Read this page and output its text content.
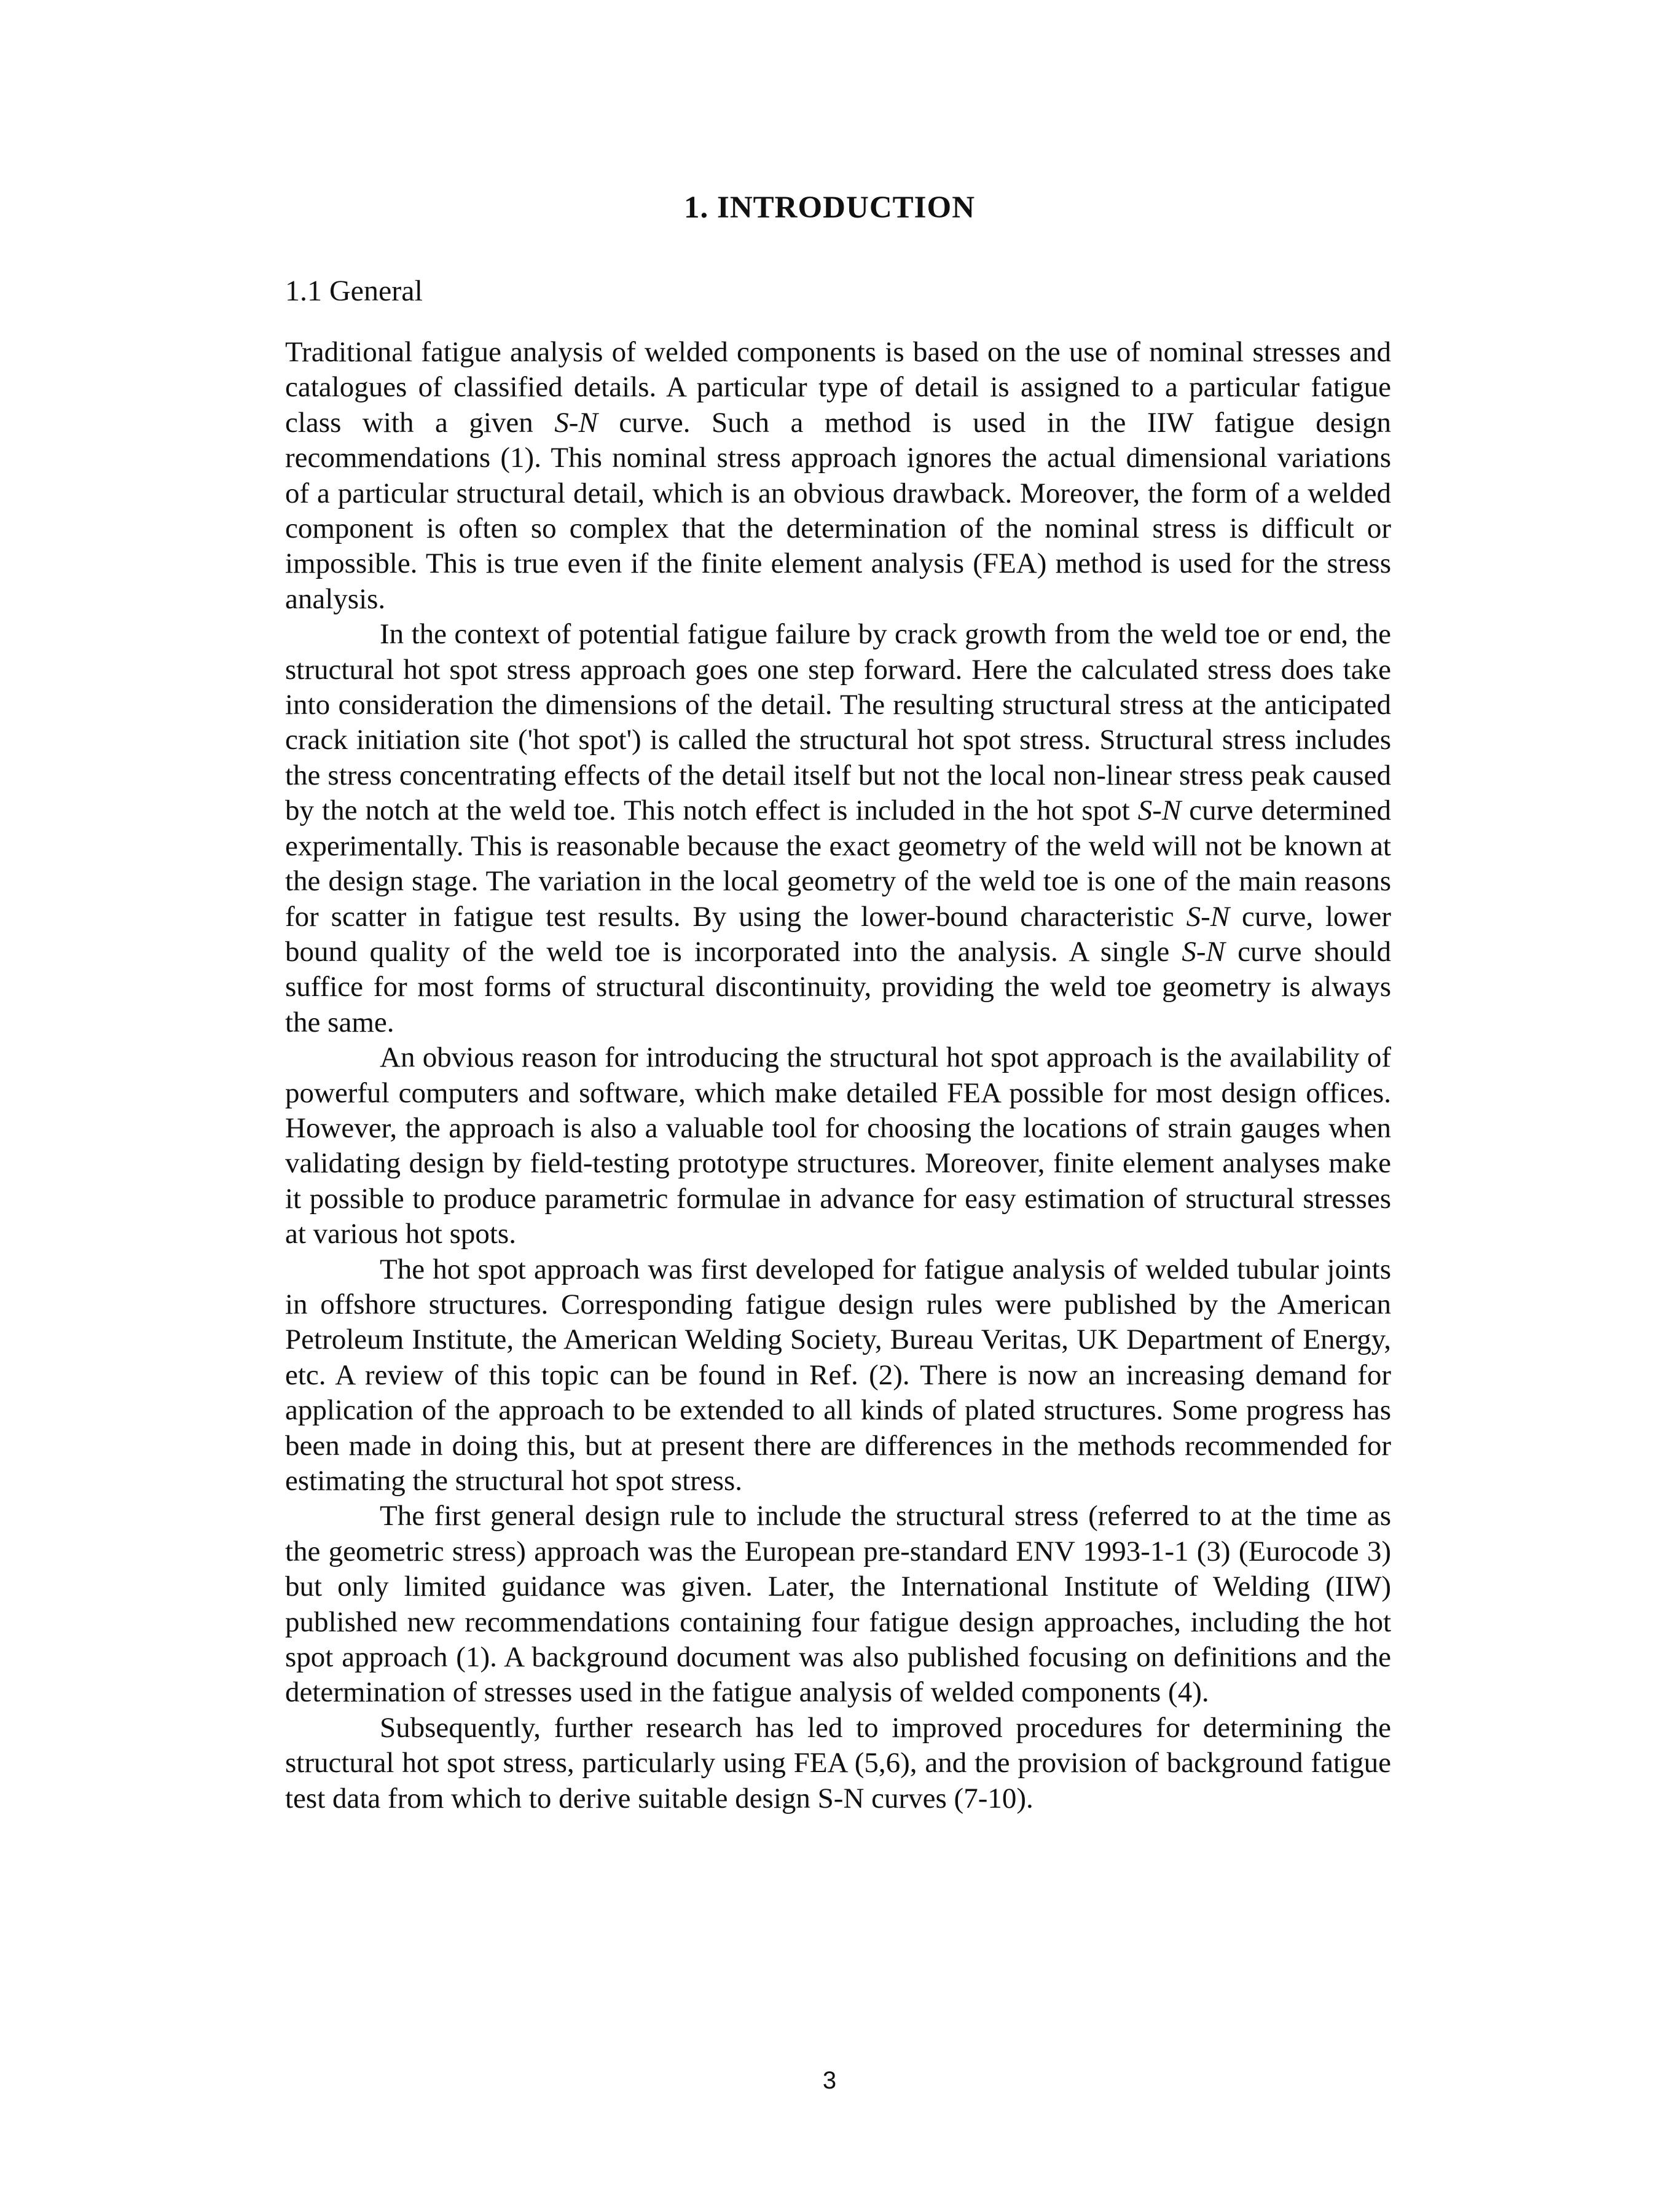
1. INTRODUCTION
1.1 General

Traditional fatigue analysis of welded components is based on the use of nominal stresses and catalogues of classified details. A particular type of detail is assigned to a particular fatigue class with a given S-N curve. Such a method is used in the IIW fatigue design recommendations (1). This nominal stress approach ignores the actual dimensional variations of a particular structural detail, which is an obvious drawback. Moreover, the form of a welded component is often so complex that the determination of the nominal stress is difficult or impossible. This is true even if the finite element analysis (FEA) method is used for the stress analysis.

In the context of potential fatigue failure by crack growth from the weld toe or end, the structural hot spot stress approach goes one step forward. Here the calculated stress does take into consideration the dimensions of the detail. The resulting structural stress at the anticipated crack initiation site ('hot spot') is called the structural hot spot stress. Structural stress includes the stress concentrating effects of the detail itself but not the local non-linear stress peak caused by the notch at the weld toe. This notch effect is included in the hot spot S-N curve determined experimentally. This is reasonable because the exact geometry of the weld will not be known at the design stage. The variation in the local geometry of the weld toe is one of the main reasons for scatter in fatigue test results. By using the lower-bound characteristic S-N curve, lower bound quality of the weld toe is incorporated into the analysis. A single S-N curve should suffice for most forms of structural discontinuity, providing the weld toe geometry is always the same.

An obvious reason for introducing the structural hot spot approach is the availability of powerful computers and software, which make detailed FEA possible for most design offices. However, the approach is also a valuable tool for choosing the locations of strain gauges when validating design by field-testing prototype structures. Moreover, finite element analyses make it possible to produce parametric formulae in advance for easy estimation of structural stresses at various hot spots.

The hot spot approach was first developed for fatigue analysis of welded tubular joints in offshore structures. Corresponding fatigue design rules were published by the American Petroleum Institute, the American Welding Society, Bureau Veritas, UK Department of Energy, etc. A review of this topic can be found in Ref. (2). There is now an increasing demand for application of the approach to be extended to all kinds of plated structures. Some progress has been made in doing this, but at present there are differences in the methods recommended for estimating the structural hot spot stress.

The first general design rule to include the structural stress (referred to at the time as the geometric stress) approach was the European pre-standard ENV 1993-1-1 (3) (Eurocode 3) but only limited guidance was given. Later, the International Institute of Welding (IIW) published new recommendations containing four fatigue design approaches, including the hot spot approach (1). A background document was also published focusing on definitions and the determination of stresses used in the fatigue analysis of welded components (4).

Subsequently, further research has led to improved procedures for determining the structural hot spot stress, particularly using FEA (5,6), and the provision of background fatigue test data from which to derive suitable design S-N curves (7-10).

3
